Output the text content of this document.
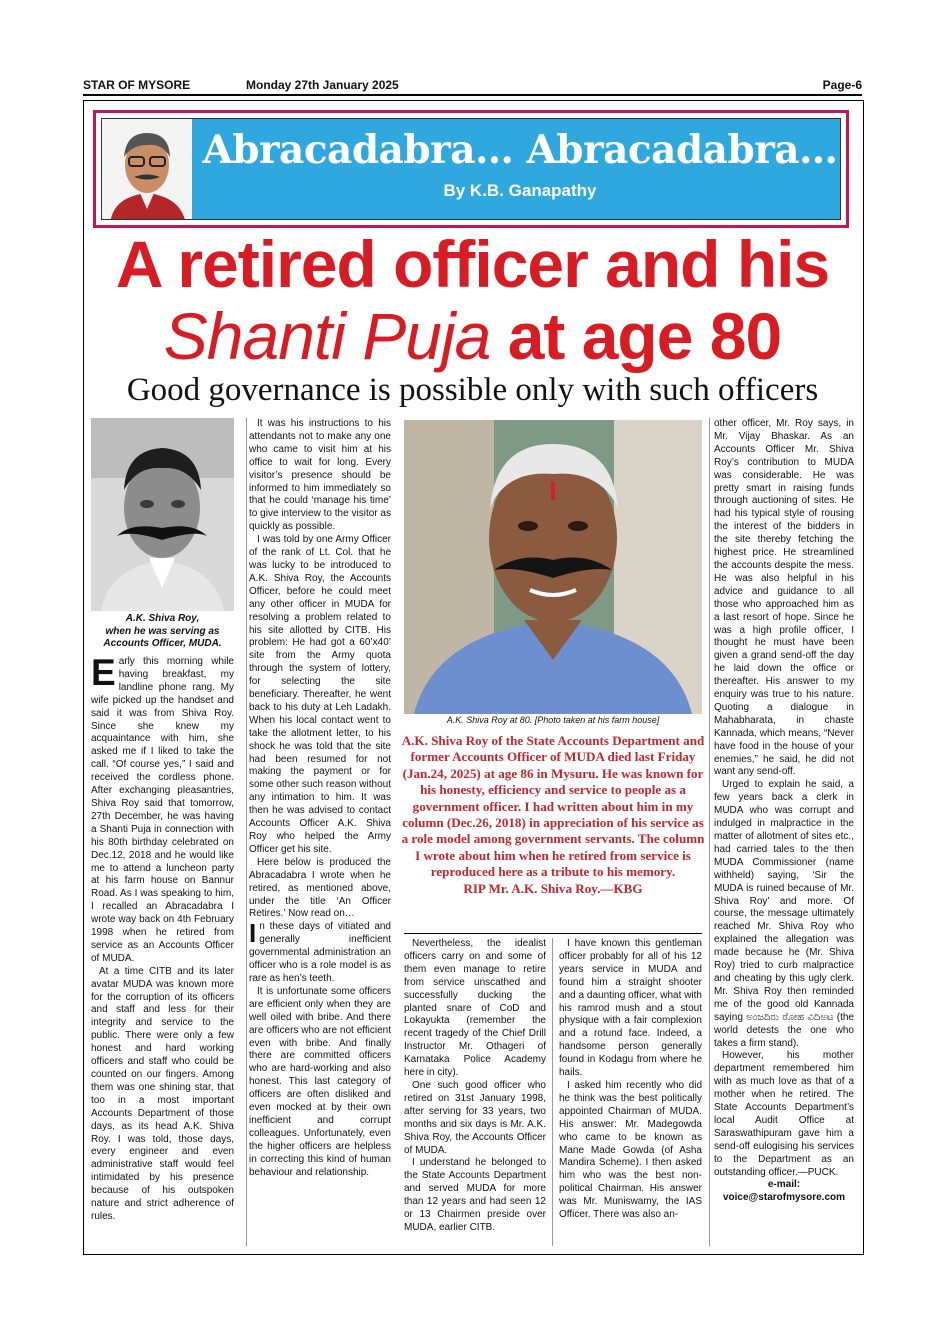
STAR OF MYSORE	Monday 27th January 2025	Page-6
Abracadabra… Abracadabra…
By K.B. Ganapathy
A retired officer and his
Shanti Puja at age 80
Good governance is possible only with such officers
A.K. Shiva Roy,
when he was serving as
Accounts Officer, MUDA.
A.K. Shiva Roy at 80. [Photo taken at his farm house]
A.K. Shiva Roy of the State Accounts Department and former Accounts Officer of MUDA died last Friday (Jan.24, 2025) at age 86 in Mysuru. He was known for his honesty, efficiency and service to people as a government officer. I had written about him in my column (Dec.26, 2018) in appreciation of his service as a role model among government servants. The column I wrote about him when he retired from service is reproduced here as a tribute to his memory.
RIP Mr. A.K. Shiva Roy.—KBG

Early this morning while having breakfast, my landline phone rang. My wife picked up the handset and said it was from Shiva Roy. Since she knew my acquaintance with him, she asked me if I liked to take the call. “Of course yes,” I said and received the cordless phone. After exchanging pleasantries, Shiva Roy said that tomorrow, 27th December, he was having a Shanti Puja in connection with his 80th birthday celebrated on Dec.12, 2018 and he would like me to attend a luncheon party at his farm house on Bannur Road. As I was speaking to him, I recalled an Abracadabra I wrote way back on 4th February 1998 when he retired from service as an Accounts Officer of MUDA.

At a time CITB and its later avatar MUDA was known more for the corruption of its officers and staff and less for their integrity and service to the public. There were only a few honest and hard working officers and staff who could be counted on our fingers. Among them was one shining star, that too in a most important Accounts Department of those days, as its head A.K. Shiva Roy. I was told, those days, every engineer and even administrative staff would feel intimidated by his presence because of his outspoken nature and strict adherence of rules.

It was his instructions to his attendants not to make any one who came to visit him at his office to wait for long. Every visitor’s presence should be informed to him immediately so that he could ‘manage his time’ to give interview to the visitor as quickly as possible.

I was told by one Army Officer of the rank of Lt. Col. that he was lucky to be introduced to A.K. Shiva Roy, the Accounts Officer, before he could meet any other officer in MUDA for resolving a problem related to his site allotted by CITB. His problem: He had got a 60’x40’ site from the Army quota through the system of lottery, for selecting the site beneficiary. Thereafter, he went back to his duty at Leh Ladakh. When his local contact went to take the allotment letter, to his shock he was told that the site had been resumed for not making the payment or for some other such reason without any intimation to him. It was then he was advised to contact Accounts Officer A.K. Shiva Roy who helped the Army Officer get his site.

Here below is produced the Abracadabra I wrote when he retired, as mentioned above, under the title ‘An Officer Retires.’ Now read on…

In these days of vitiated and generally inefficient governmental administration an officer who is a role model is as rare as hen’s teeth.

It is unfortunate some officers are efficient only when they are well oiled with bribe. And there are officers who are not efficient even with bribe. And finally there are committed officers who are hard-working and also honest. This last category of officers are often disliked and even mocked at by their own inefficient and corrupt colleagues. Unfortunately, even the higher officers are helpless in correcting this kind of human behaviour and relationship.

Nevertheless, the idealist officers carry on and some of them even manage to retire from service unscathed and successfully ducking the planted snare of CoD and Lokayukta (remember the recent tragedy of the Chief Drill Instructor Mr. Othageri of Karnataka Police Academy here in city).

One such good officer who retired on 31st January 1998, after serving for 33 years, two months and six days is Mr. A.K. Shiva Roy, the Accounts Officer of MUDA.

I understand he belonged to the State Accounts Department and served MUDA for more than 12 years and had seen 12 or 13 Chairmen preside over MUDA, earlier CITB.

I have known this gentleman officer probably for all of his 12 years service in MUDA and found him a straight shooter and a daunting officer, what with his ramrod mush and a stout physique with a fair complexion and a rotund face. Indeed, a handsome person generally found in Kodagu from where he hails.

I asked him recently who did he think was the best politically appointed Chairman of MUDA. His answer: Mr. Madegowda who came to be known as Mane Made Gowda (of Asha Mandira Scheme). I then asked him who was the best non-political Chairman. His answer was Mr. Muniswamy, the IAS Officer. There was also an-

other officer, Mr. Roy says, in Mr. Vijay Bhaskar. As an Accounts Officer Mr. Shiva Roy’s contribution to MUDA was considerable. He was pretty smart in raising funds through auctioning of sites. He had his typical style of rousing the interest of the bidders in the site thereby fetching the highest price. He streamlined the accounts despite the mess. He was also helpful in his advice and guidance to all those who approached him as a last resort of hope. Since he was a high profile officer, I thought he must have been given a grand send-off the day he laid down the office or thereafter. His answer to my enquiry was true to his nature. Quoting a dialogue in Mahabharata, in chaste Kannada, which means, “Never have food in the house of your enemies,” he said, he did not want any send-off.

Urged to explain he said, a few years back a clerk in MUDA who was corrupt and indulged in malpractice in the matter of allotment of sites etc., had carried tales to the then MUDA Commissioner (name withheld) saying, ‘Sir the MUDA is ruined because of Mr. Shiva Roy’ and more. Of course, the message ultimately reached Mr. Shiva Roy who explained the allegation was made because he (Mr. Shiva Roy) tried to curb malpractice and cheating by this ugly clerk. Mr. Shiva Roy then reminded me of the good old Kannada saying ಅಂಜದಿರು ರೋಹ ವಿದಿಅಟ (the world detests the one who takes a firm stand).

However, his mother department remembered him with as much love as that of a mother when he retired. The State Accounts Department’s local Audit Office at Saraswathipuram gave him a send-off eulogising his services to the Department as an outstanding officer.—PUCK.

e-mail:
voice@starofmysore.com
